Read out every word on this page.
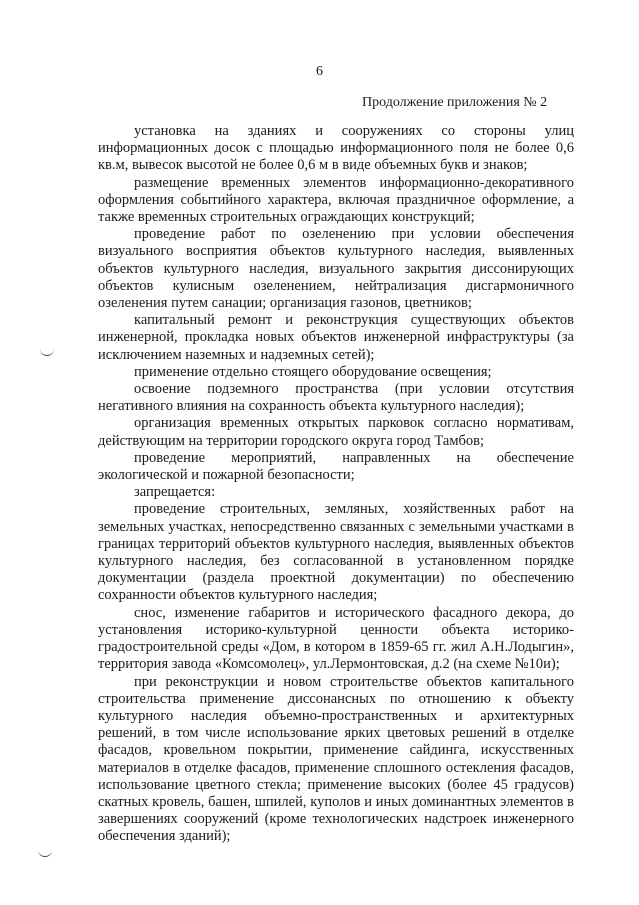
6
Продолжение приложения № 2

установка на зданиях и сооружениях со стороны улиц информационных досок с площадью информационного поля не более 0,6 кв.м, вывесок высотой не более 0,6 м в виде объемных букв и знаков;

размещение временных элементов информационно-декоративного оформления событийного характера, включая праздничное оформление, а также временных строительных ограждающих конструкций;

проведение работ по озеленению при условии обеспечения визуального восприятия объектов культурного наследия, выявленных объектов культурного наследия, визуального закрытия диссонирующих объектов кулисным озеленением, нейтрализация дисгармоничного озеленения путем санации; организация газонов, цветников;

капитальный ремонт и реконструкция существующих объектов инженерной, прокладка новых объектов инженерной инфраструктуры (за исключением наземных и надземных сетей);

применение отдельно стоящего оборудование освещения;

освоение подземного пространства (при условии отсутствия негативного влияния на сохранность объекта культурного наследия);

организация временных открытых парковок согласно нормативам, действующим на территории городского округа город Тамбов;

проведение мероприятий, направленных на обеспечение экологической и пожарной безопасности;

запрещается:

проведение строительных, земляных, хозяйственных работ на земельных участках, непосредственно связанных с земельными участками в границах территорий объектов культурного наследия, выявленных объектов культурного наследия, без согласованной в установленном порядке документации (раздела проектной документации) по обеспечению сохранности объектов культурного наследия;

снос, изменение габаритов и исторического фасадного декора, до установления историко-культурной ценности объекта историко-градостроительной среды «Дом, в котором в 1859-65 гг. жил А.Н.Лодыгин», территория завода «Комсомолец», ул.Лермонтовская, д.2 (на схеме №10и);

при реконструкции и новом строительстве объектов капитального строительства применение диссонансных по отношению к объекту культурного наследия объемно-пространственных и архитектурных решений, в том числе использование ярких цветовых решений в отделке фасадов, кровельном покрытии, применение сайдинга, искусственных материалов в отделке фасадов, применение сплошного остекления фасадов, использование цветного стекла; применение высоких (более 45 градусов) скатных кровель, башен, шпилей, куполов и иных доминантных элементов в завершениях сооружений (кроме технологических надстроек инженерного обеспечения зданий);
